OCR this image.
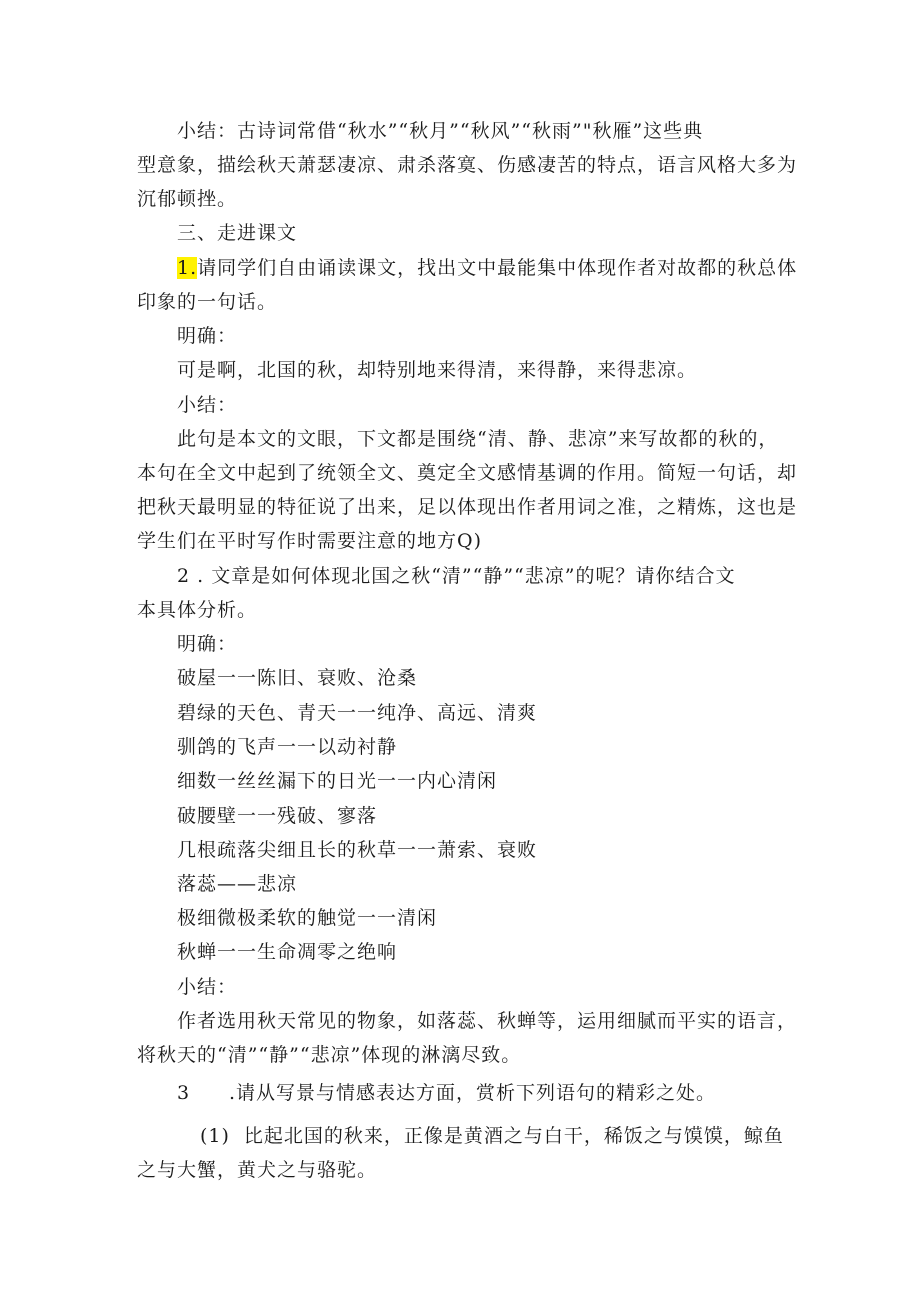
小结：古诗词常借“秋水”“秋月”“秋风”“秋雨”"秋雁”这些典
型意象，描绘秋天萧瑟凄凉、肃杀落寞、伤感凄苦的特点，语言风格大多为
沉郁顿挫。
三、走进课文
1.请同学们自由诵读课文，找出文中最能集中体现作者对故都的秋总体
印象的一句话。
明确：
可是啊，北国的秋，却特别地来得清，来得静，来得悲凉。
小结：
此句是本文的文眼，下文都是围绕“清、静、悲凉”来写故都的秋的，
本句在全文中起到了统领全文、奠定全文感情基调的作用。简短一句话，却
把秋天最明显的特征说了出来，足以体现出作者用词之准，之精炼，这也是
学生们在平时写作时需要注意的地方Q)
2 . 文章是如何体现北国之秋“清”“静”“悲凉”的呢？请你结合文
本具体分析。
明确：
破屋一一陈旧、衰败、沧桑
碧绿的天色、青天一一纯净、高远、清爽
驯鸽的飞声一一以动衬静
细数一丝丝漏下的日光一一内心清闲
破腰壁一一残破、寥落
几根疏落尖细且长的秋草一一萧索、衰败
落蕊——悲凉
极细微极柔软的触觉一一清闲
秋蝉一一生命凋零之绝响
小结：
作者选用秋天常见的物象，如落蕊、秋蝉等，运用细腻而平实的语言，
将秋天的“清”“静”“悲凉”体现的淋漓尽致。
3 .请从写景与情感表达方面，赏析下列语句的精彩之处。
(1) 比起北国的秋来，正像是黄酒之与白干，稀饭之与馍馍，鲸鱼
之与大蟹，黄犬之与骆驼。
